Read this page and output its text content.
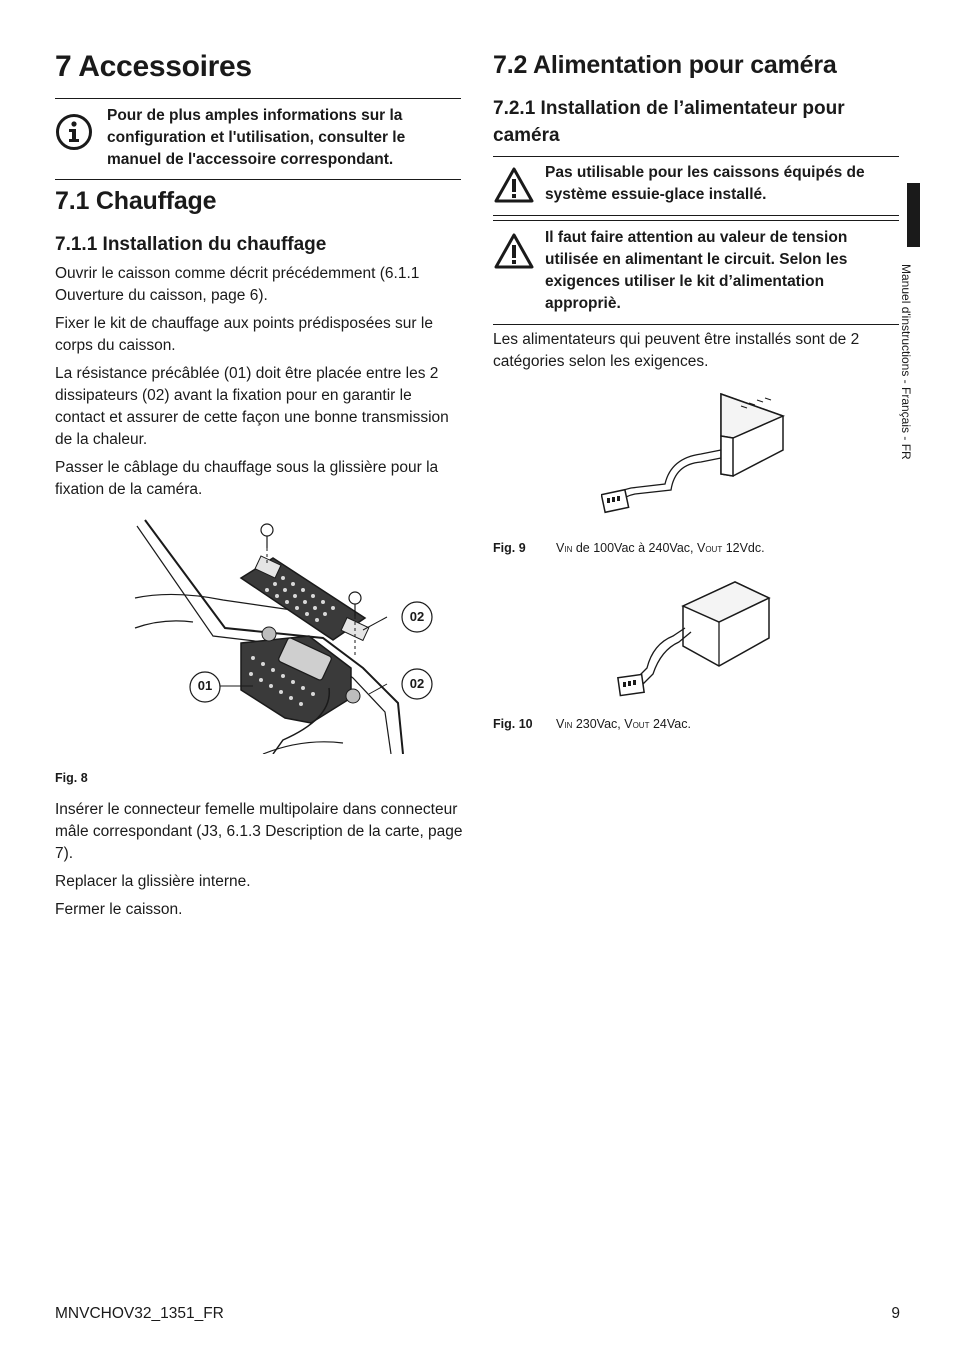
7 Accessoires
Pour de plus amples informations sur la configuration et l'utilisation, consulter le manuel de l'accessoire correspondant.
7.1 Chauffage
7.1.1 Installation du chauffage

Ouvrir le caisson comme décrit précédemment (6.1.1 Ouverture du caisson, page 6).

Fixer le kit de chauffage aux points prédisposées sur le corps du caisson.

La résistance précâblée (01) doit être placée entre les 2 dissipateurs (02) avant la fixation pour en garantir le contact et assurer de cette façon une bonne transmission de la chaleur.

Passer le câblage du chauffage sous la glissière pour la fixation de la caméra.

01
02
02
Fig. 8

Insérer le connecteur femelle multipolaire dans connecteur mâle correspondant (J3, 6.1.3 Description de la carte, page 7).

Replacer la glissière interne.

Fermer le caisson.

7.2 Alimentation pour caméra
7.2.1 Installation de l’alimentateur pour caméra
Pas utilisable pour les caissons équipés de système essuie-glace installé.
Il faut faire attention au valeur de tension utilisée en alimentant le circuit. Selon les exigences utiliser le kit d’alimentation appropriè.

Les alimentateurs qui peuvent être installés sont de 2 catégories selon les exigences.

Fig. 9 VIN de 100Vac à 240Vac, VOUT 12Vdc.
Fig. 10 VIN 230Vac, VOUT 24Vac.
Manuel d'instructions - Français - FR
MNVCHOV32_1351_FR	9
